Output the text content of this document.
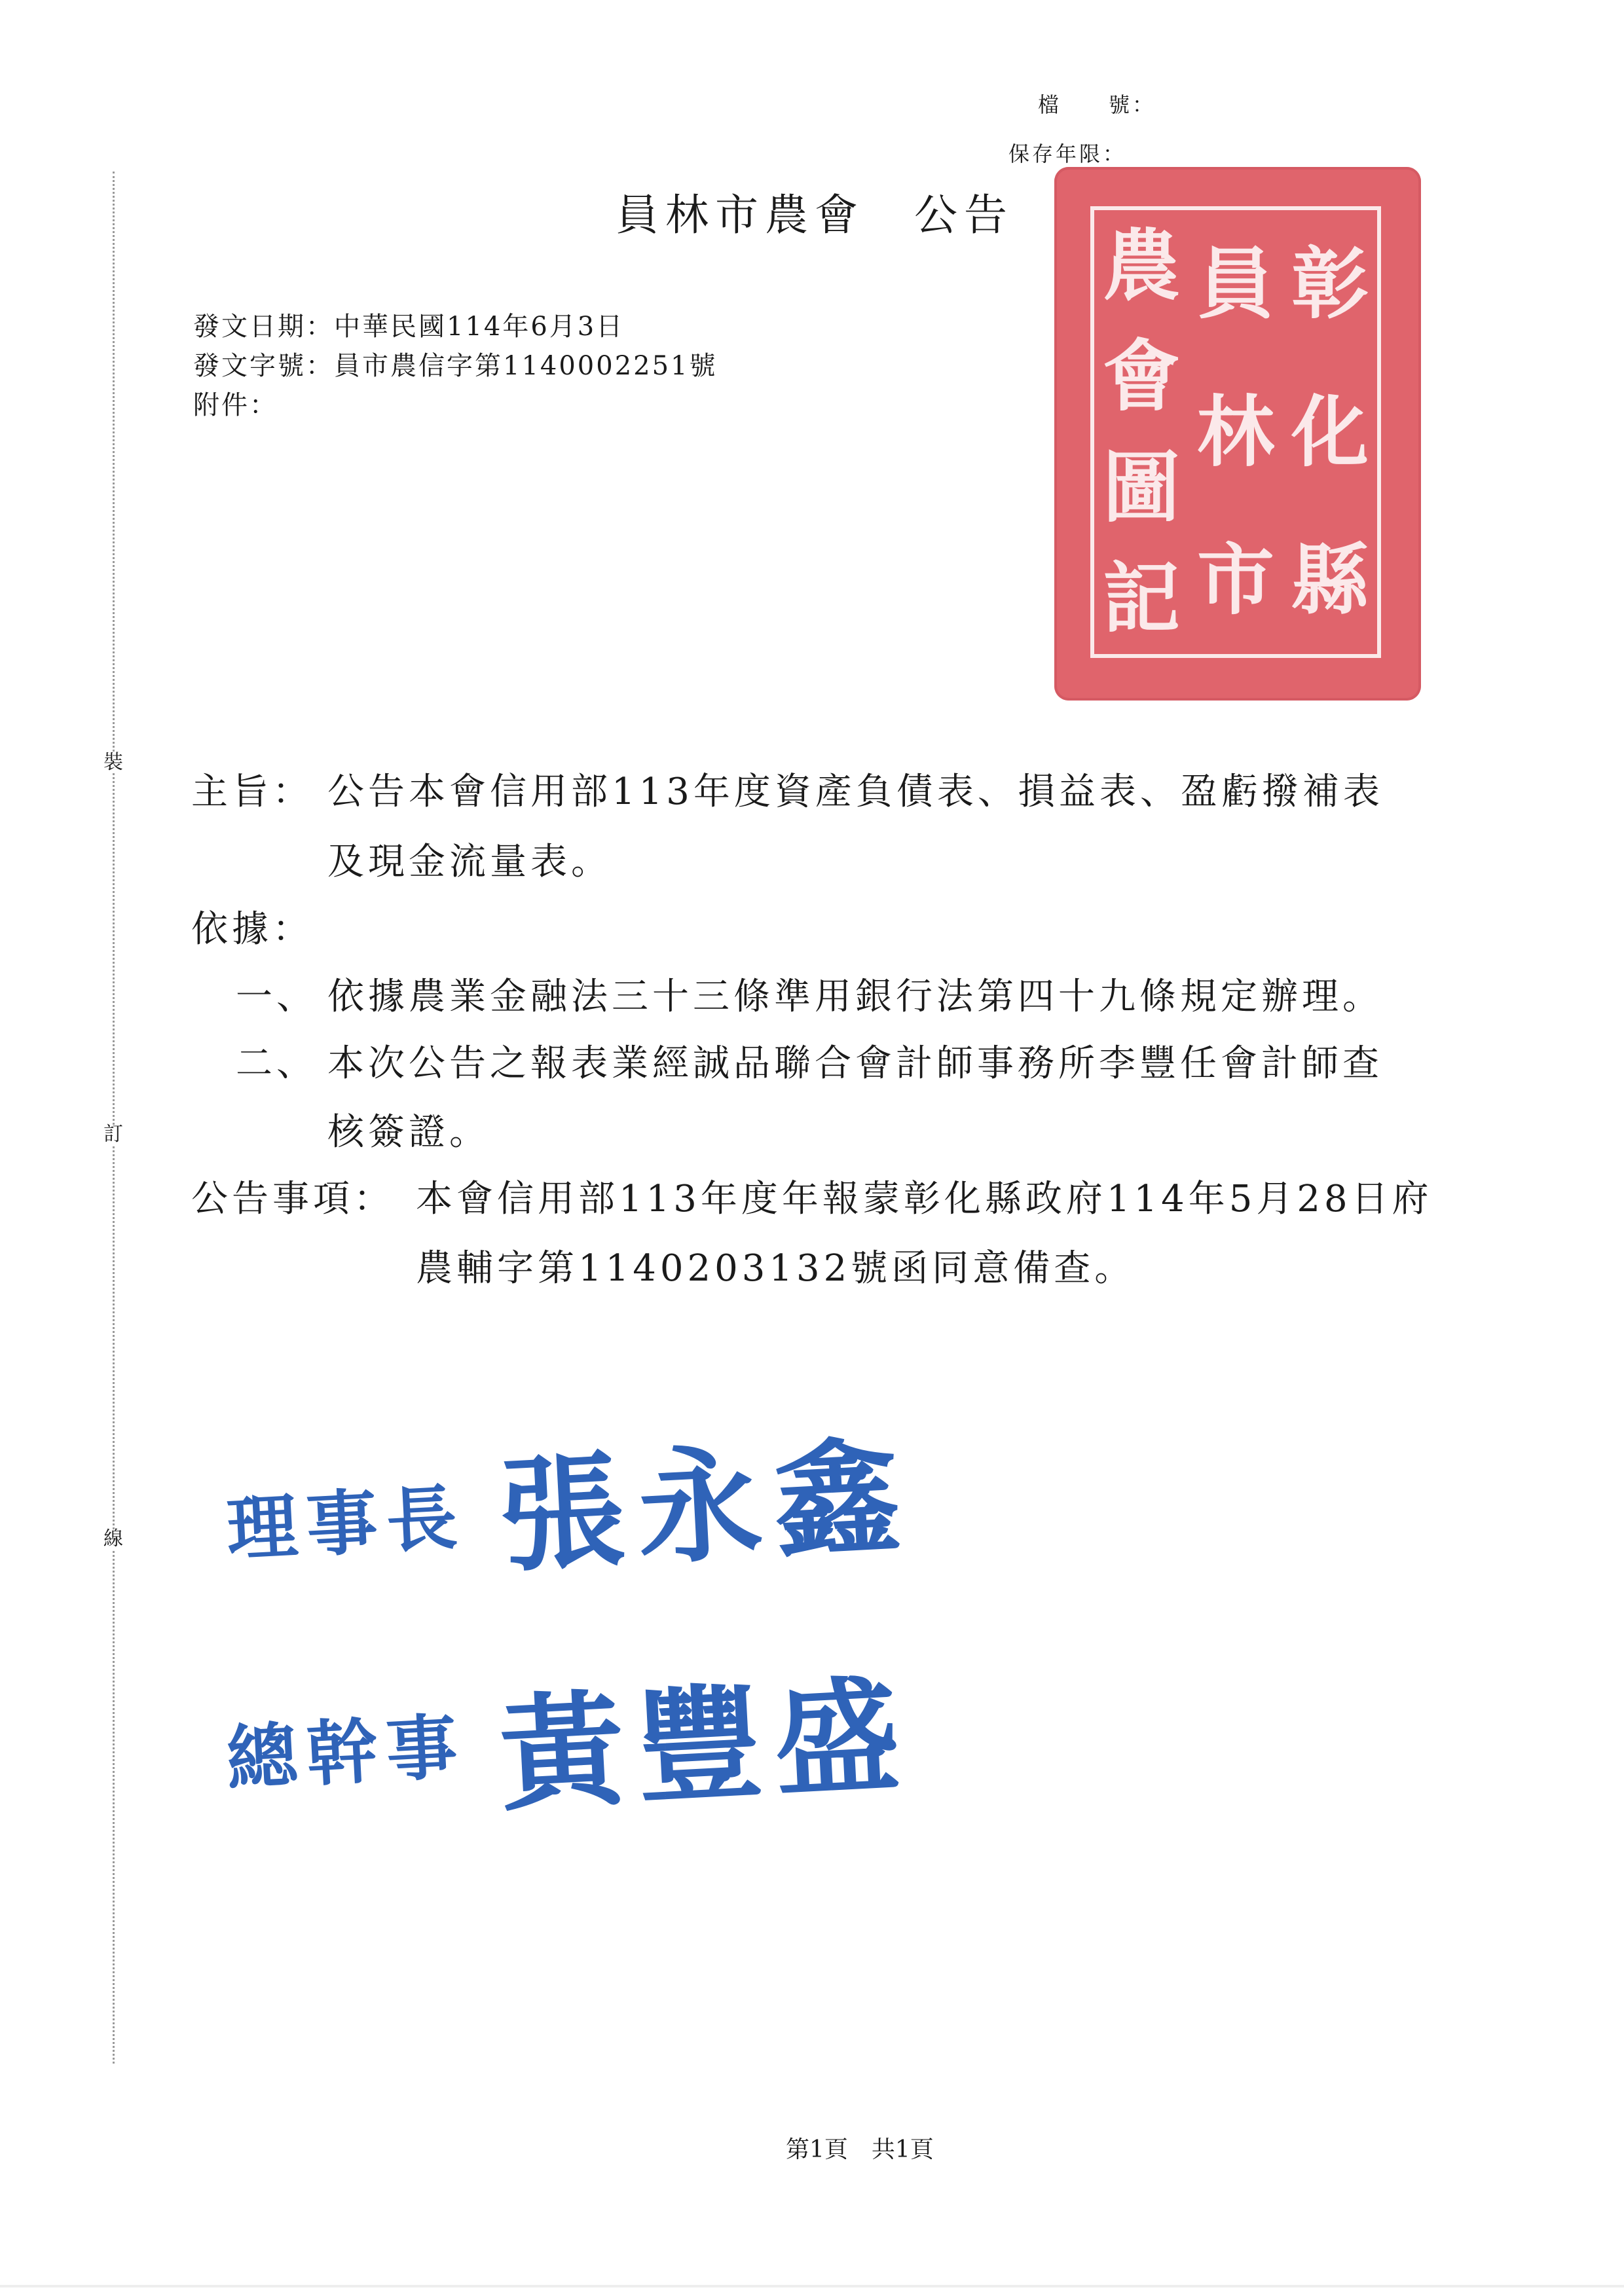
檔　　號：
保存年限：
裝
訂
線
員林市農會　公告
彰
化
縣
員
林
市
農
會
圖
記
發文日期：中華民國114年6月3日
發文字號：員市農信字第1140002251號
附件：
主旨： 公告本會信用部113年度資產負債表、損益表、盈虧撥補表
及現金流量表。
依據：
一、 依據農業金融法三十三條準用銀行法第四十九條規定辦理。
二、 本次公告之報表業經誠品聯合會計師事務所李豐任會計師查
核簽證。
公告事項： 本會信用部113年度年報蒙彰化縣政府114年5月28日府
農輔字第1140203132號函同意備查。
理事長 張永鑫
總幹事 黃豐盛
第1頁　共1頁
